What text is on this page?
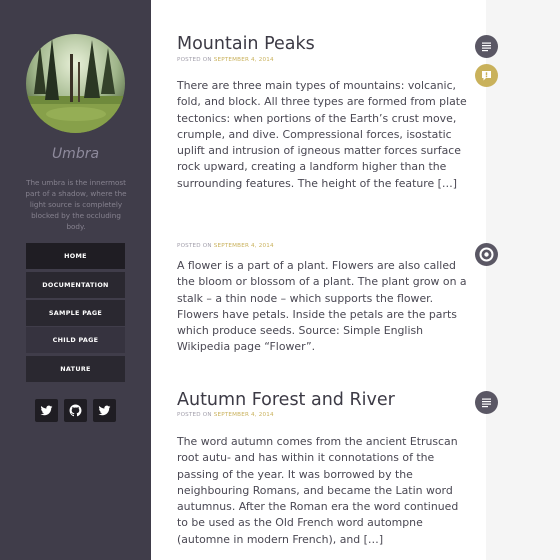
Umbra
The umbra is the innermost part of a shadow, where the light source is completely blocked by the occluding body.
HOME
DOCUMENTATION
SAMPLE PAGE
CHILD PAGE
NATURE
Mountain Peaks
POSTED ON SEPTEMBER 4, 2014
There are three main types of mountains: volcanic, fold, and block. All three types are formed from plate tectonics: when portions of the Earth’s crust move, crumple, and dive. Compressional forces, isostatic uplift and intrusion of igneous matter forces surface rock upward, creating a landform higher than the surrounding features. The height of the feature […]
POSTED ON SEPTEMBER 4, 2014
A flower is a part of a plant. Flowers are also called the bloom or blossom of a plant. The plant grow on a stalk – a thin node – which supports the flower. Flowers have petals. Inside the petals are the parts which produce seeds. Source: Simple English Wikipedia page “Flower”.
Autumn Forest and River
POSTED ON SEPTEMBER 4, 2014
The word autumn comes from the ancient Etruscan root autu- and has within it connotations of the passing of the year. It was borrowed by the neighbouring Romans, and became the Latin word autumnus. After the Roman era the word continued to be used as the Old French word autompne (automne in modern French), and […]
